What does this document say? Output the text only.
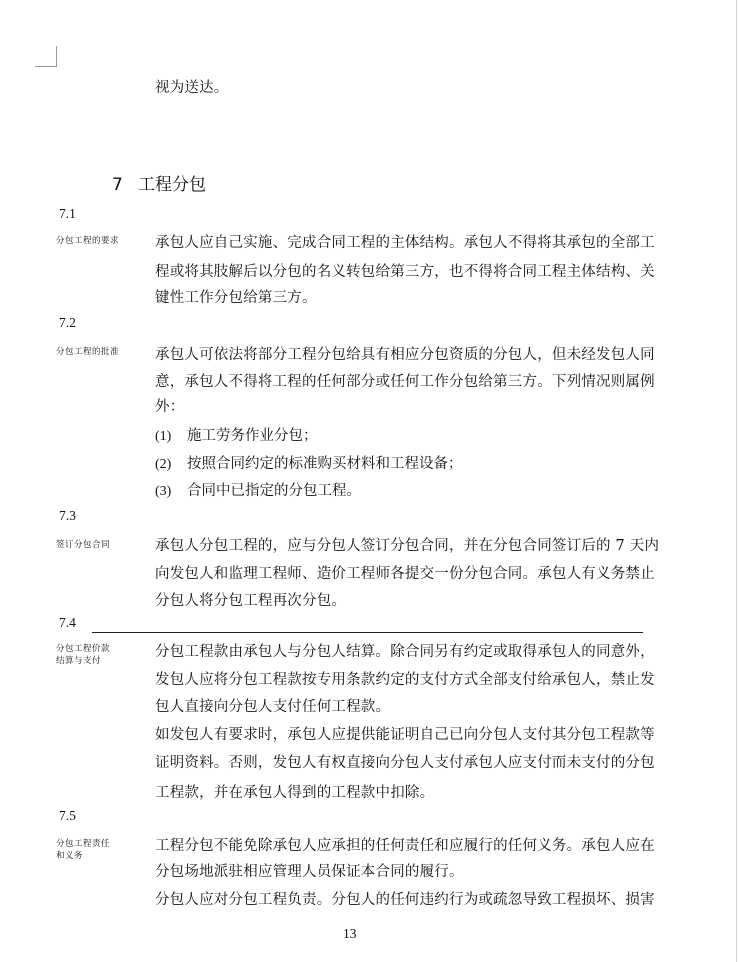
视为送达。
7 工程分包
7.1
分包工程的要求 承包人应自己实施、完成合同工程的主体结构。承包人不得将其承包的全部工
程或将其肢解后以分包的名义转包给第三方，也不得将合同工程主体结构、关
键性工作分包给第三方。
7.2
分包工程的批准 承包人可依法将部分工程分包给具有相应分包资质的分包人，但未经发包人同
意，承包人不得将工程的任何部分或任何工作分包给第三方。下列情况则属例
外：
(1) 施工劳务作业分包；
(2) 按照合同约定的标准购买材料和工程设备；
(3) 合同中已指定的分包工程。
7.3
签订分包合同	承包人分包工程的，应与分包人签订分包合同，并在分包合同签订后的 7 天内
向发包人和监理工程师、造价工程师各提交一份分包合同。承包人有义务禁止
分包人将分包工程再次分包。
7.4
分包工程价款
结算与支付
分包工程款由承包人与分包人结算。除合同另有约定或取得承包人的同意外，
发包人应将分包工程款按专用条款约定的支付方式全部支付给承包人，禁止发
包人直接向分包人支付任何工程款。
如发包人有要求时，承包人应提供能证明自己已向分包人支付其分包工程款等
证明资料。否则，发包人有权直接向分包人支付承包人应支付而未支付的分包
工程款，并在承包人得到的工程款中扣除。
7.5
分包工程责任
和义务
工程分包不能免除承包人应承担的任何责任和应履行的任何义务。承包人应在
分包场地派驻相应管理人员保证本合同的履行。
分包人应对分包工程负责。分包人的任何违约行为或疏忽导致工程损坏、损害
13
